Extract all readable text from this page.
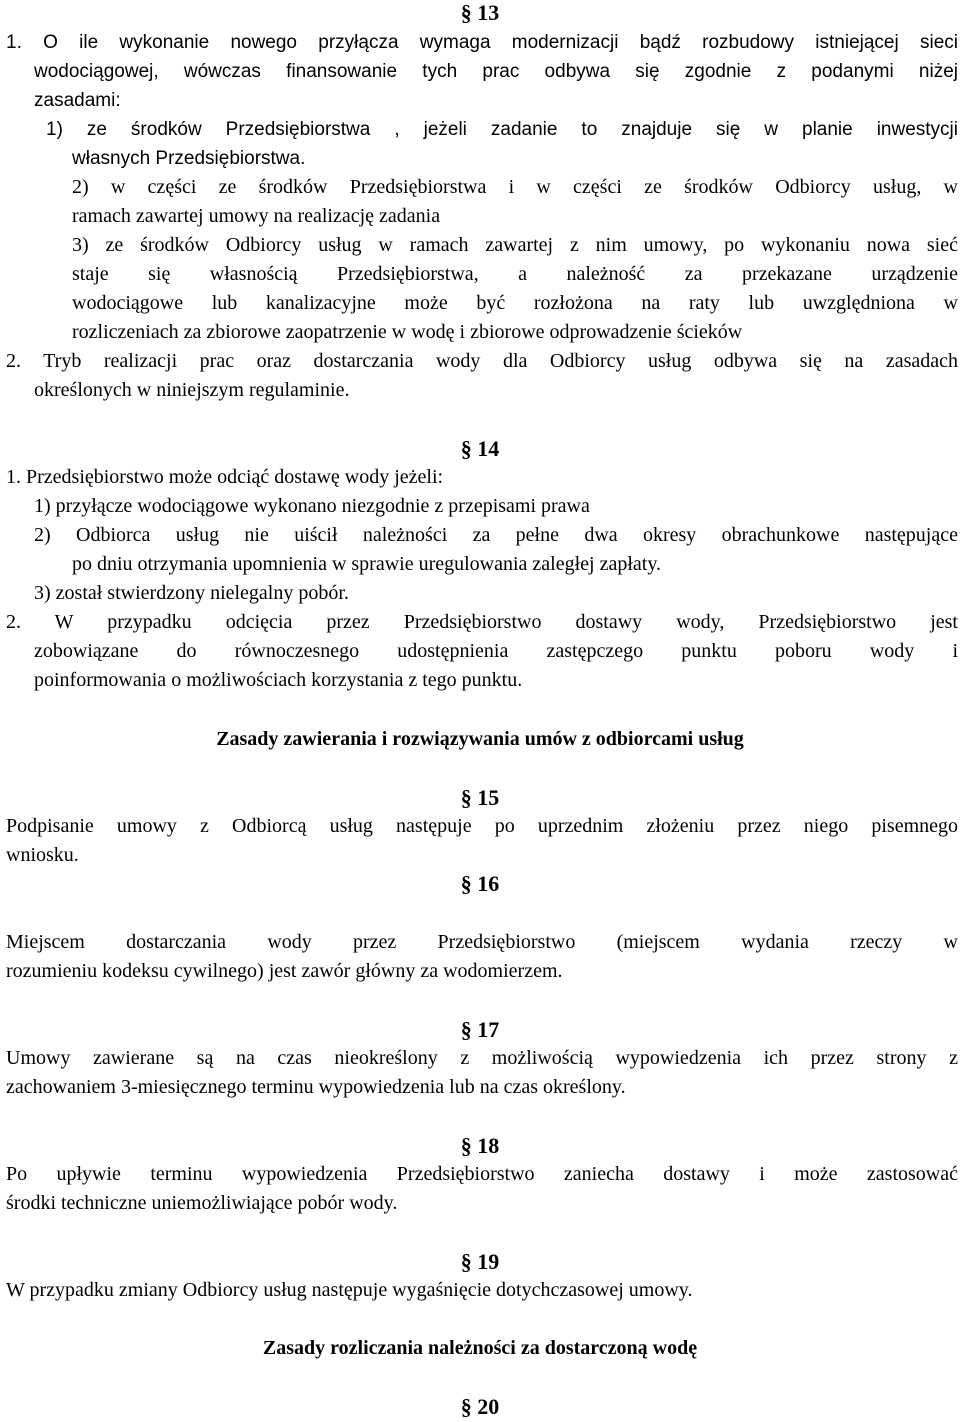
§ 13
1. O ile wykonanie nowego przyłącza wymaga modernizacji bądź rozbudowy istniejącej sieci
wodociągowej, wówczas finansowanie tych prac odbywa się zgodnie z podanymi niżej
zasadami:
1) ze środków Przedsiębiorstwa , jeżeli zadanie to znajduje się w planie inwestycji
własnych Przedsiębiorstwa.
2) w części ze środków Przedsiębiorstwa i w części ze środków Odbiorcy usług, w
ramach zawartej umowy na realizację zadania
3) ze środków Odbiorcy usług w ramach zawartej z nim umowy, po wykonaniu nowa sieć
staje się własnością Przedsiębiorstwa, a należność za przekazane urządzenie
wodociągowe lub kanalizacyjne może być rozłożona na raty lub uwzględniona w
rozliczeniach za zbiorowe zaopatrzenie w wodę i zbiorowe odprowadzenie ścieków
2. Tryb realizacji prac oraz dostarczania wody dla Odbiorcy usług odbywa się na zasadach
określonych w niniejszym regulaminie.
§ 14
1. Przedsiębiorstwo może odciąć dostawę wody jeżeli:
1) przyłącze wodociągowe wykonano niezgodnie z przepisami prawa
2) Odbiorca usług nie uiścił należności za pełne dwa okresy obrachunkowe następujące
po dniu otrzymania upomnienia w sprawie uregulowania zaległej zapłaty.
3) został stwierdzony nielegalny pobór.
2. W przypadku odcięcia przez Przedsiębiorstwo dostawy wody, Przedsiębiorstwo jest
zobowiązane do równoczesnego udostępnienia zastępczego punktu poboru wody i
poinformowania o możliwościach korzystania z tego punktu.
Zasady zawierania i rozwiązywania umów z odbiorcami usług
§ 15
Podpisanie umowy z Odbiorcą usług następuje po uprzednim złożeniu przez niego pisemnego
wniosku.
§ 16
Miejscem dostarczania wody przez Przedsiębiorstwo (miejscem wydania rzeczy w
rozumieniu kodeksu cywilnego) jest zawór główny za wodomierzem.
§ 17
Umowy zawierane są na czas nieokreślony z możliwością wypowiedzenia ich przez strony z
zachowaniem 3-miesięcznego terminu wypowiedzenia lub na czas określony.
§ 18
Po upływie terminu wypowiedzenia Przedsiębiorstwo zaniecha dostawy i może zastosować
środki techniczne uniemożliwiające pobór wody.
§ 19
W przypadku zmiany Odbiorcy usług następuje wygaśnięcie dotychczasowej umowy.
Zasady rozliczania należności za dostarczoną wodę
§ 20
